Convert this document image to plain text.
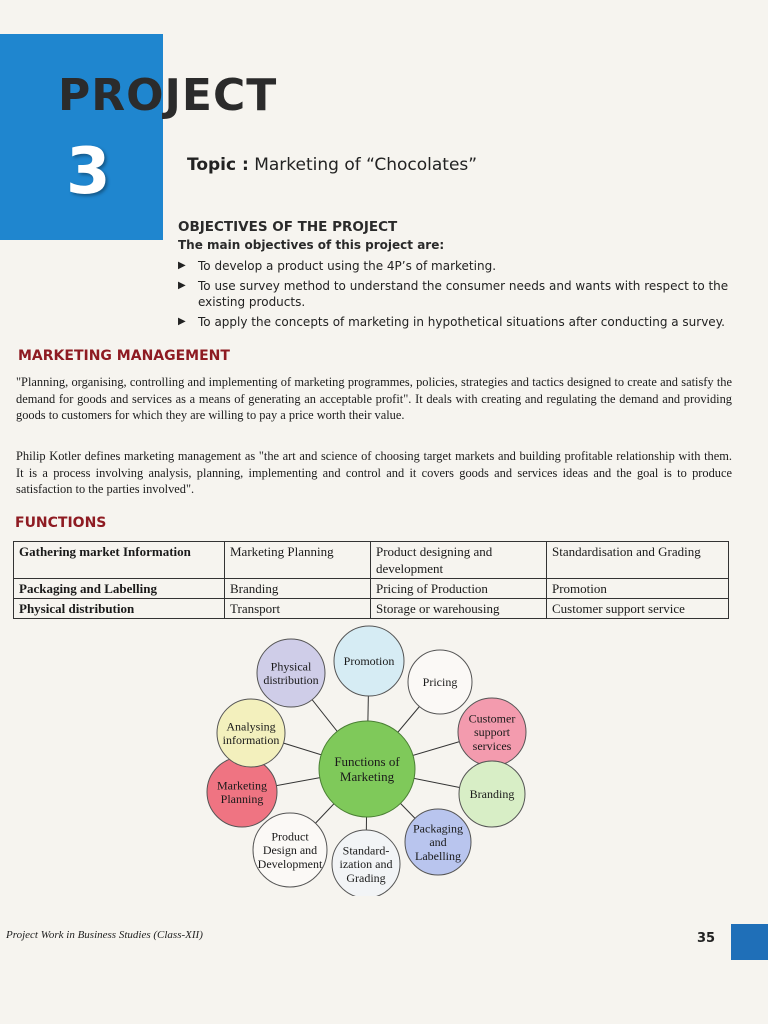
PROJECT
3	Topic : Marketing of “Chocolates”
OBJECTIVES OF THE PROJECT
The main objectives of this project are:
▶ To develop a product using the 4P’s of marketing.
▶ To use survey method to understand the consumer needs and wants with respect to the existing products.
▶ To apply the concepts of marketing in hypothetical situations after conducting a survey.
MARKETING MANAGEMENT

"Planning, organising, controlling and implementing of marketing programmes, policies, strategies and tactics designed to create and satisfy the demand for goods and services as a means of generating an acceptable profit". It deals with creating and regulating the demand and providing goods to customers for which they are willing to pay a price worth their value.

Philip Kotler defines marketing management as "the art and science of choosing target markets and building profitable relationship with them. It is a process involving analysis, planning, implementing and control and it covers goods and services ideas and the goal is to produce satisfaction to the parties involved".

FUNCTIONS
Gathering market Information	Marketing Planning	Product designing and development	Standardisation and Grading
Packaging and Labelling	Branding	Pricing of Production	Promotion
Physical distribution	Transport	Storage or warehousing	Customer support service
Physical
distribution
Promotion
Pricing
Customer
support
services
Branding
Packaging
and
Labelling
Standard-
ization and
Grading
Product
Design and
Development
Marketing
Planning
Analysing
information
Functions of
Marketing
Project Work in Business Studies (Class-XII)	35
